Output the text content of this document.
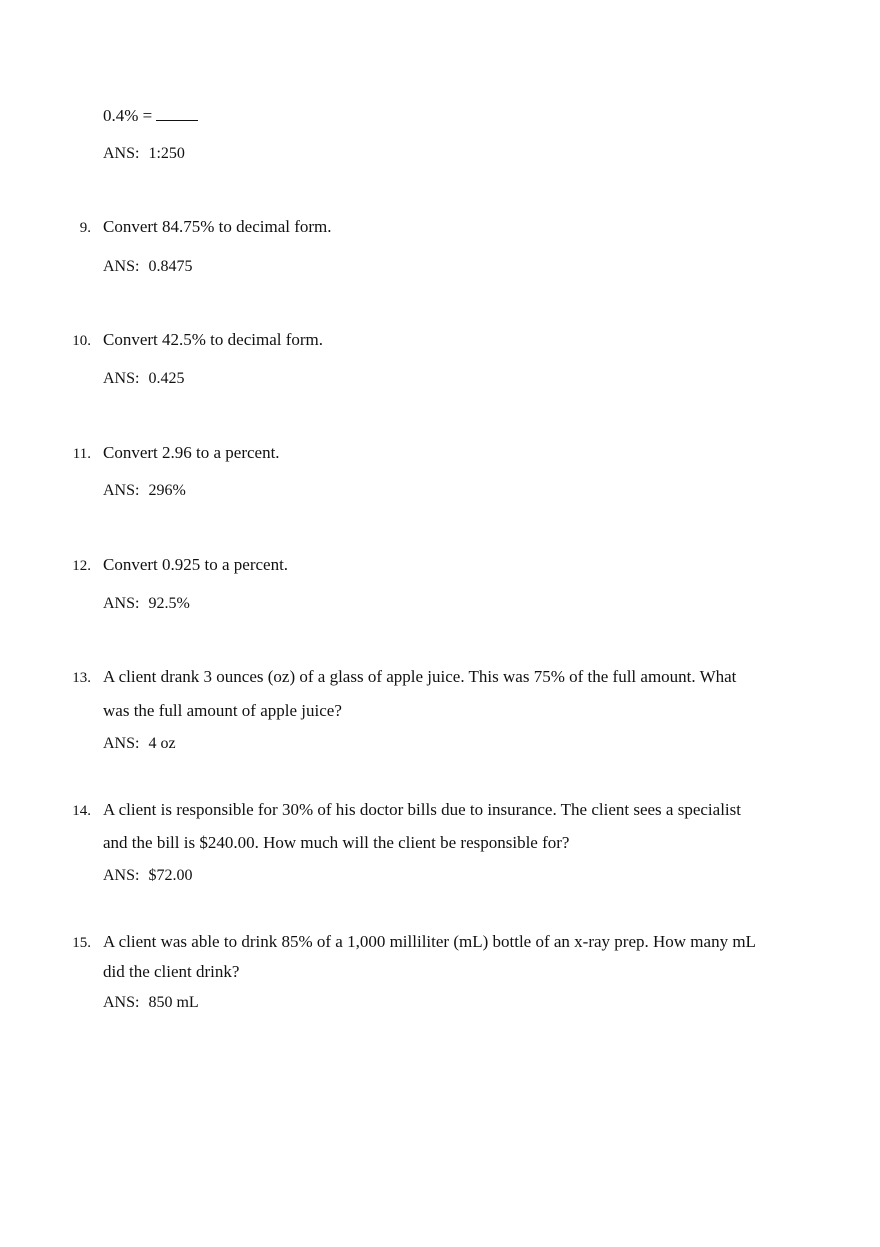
0.4% =
ANS: 1:250
9. Convert 84.75% to decimal form.
ANS: 0.8475
10. Convert 42.5% to decimal form.
ANS: 0.425
11. Convert 2.96 to a percent.
ANS: 296%
12. Convert 0.925 to a percent.
ANS: 92.5%
13. A client drank 3 ounces (oz) of a glass of apple juice. This was 75% of the full amount. What
was the full amount of apple juice?
ANS: 4 oz
14. A client is responsible for 30% of his doctor bills due to insurance. The client sees a specialist
and the bill is $240.00. How much will the client be responsible for?
ANS: $72.00
15. A client was able to drink 85% of a 1,000 milliliter (mL) bottle of an x-ray prep. How many mL
did the client drink?
ANS: 850 mL
